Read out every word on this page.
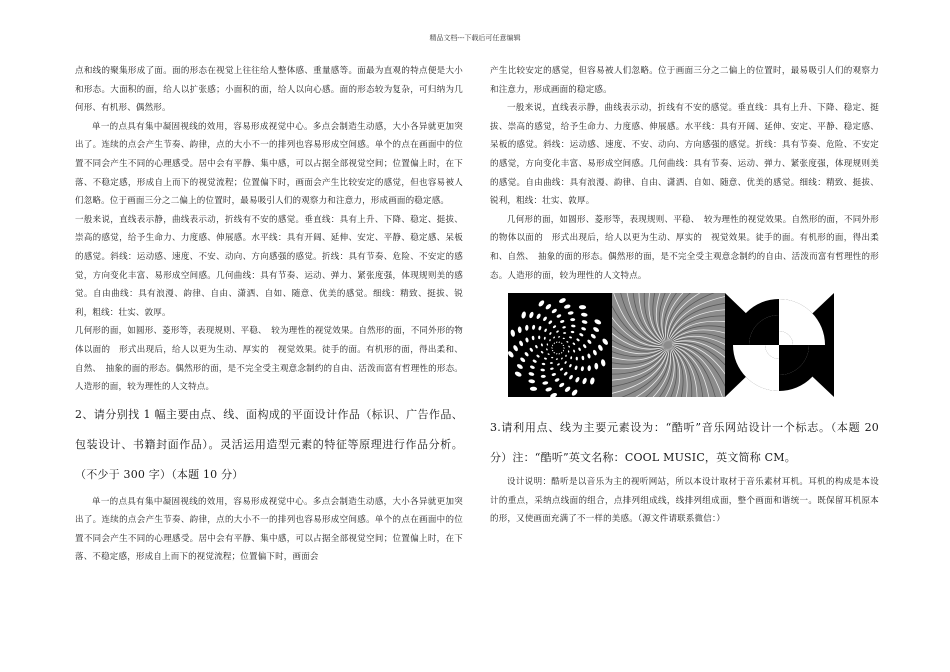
精品文档---下载后可任意编辑

点和线的聚集形成了面。面的形态在视觉上往往给人整体感、重量感等。面最为直观的特点便是大小和形态。大面积的面，给人以扩张感；小面积的面，给人以向心感。面的形态较为复杂，可归纳为几何形、有机形、偶然形。

单一的点具有集中凝固视线的效用，容易形成视觉中心。多点会制造生动感，大小各异就更加突出了。连续的点会产生节奏、韵律，点的大小不一的排列也容易形成空间感。单个的点在画面中的位置不同会产生不同的心理感受。居中会有平静、集中感，可以占据全部视觉空间；位置偏上时，在下落、不稳定感，形成自上而下的视觉流程；位置偏下时，画面会产生比较安定的感觉，但也容易被人们忽略。位于画面三分之二偏上的位置时，最易吸引人们的观察力和注意力，形成画面的稳定感。

一般来说，直线表示静，曲线表示动，折线有不安的感觉。垂直线：具有上升、下降、稳定、挺拔、崇高的感觉，给予生命力、力度感、伸展感。水平线：具有开阔、延伸、安定、平静、稳定感、呆板的感觉。斜线：运动感、速度、不安、动向、方向感强的感觉。折线：具有节奏、危险、不安定的感觉，方向变化丰富、易形成空间感。几何曲线：具有节奏、运动、弹力、紧张度强，体现规则美的感觉。自由曲线：具有浪漫、韵律、自由、潇洒、自如、随意、优美的感觉。细线：精致、挺拔、锐利，粗线：壮实、敦厚。

几何形的面，如圆形、菱形等，表现规则、平稳、　较为理性的视觉效果。自然形的面，不同外形的物体以面的　形式出现后，给人以更为生动、厚实的　视觉效果。徒手的面。有机形的面，得出柔和、自然、　抽象的面的形态。偶然形的面，是不完全受主观意念制约的自由、活泼而富有哲理性的形态。人造形的面，较为理性的人文特点。

2、请分别找 1 幅主要由点、线、面构成的平面设计作品（标识、广告作品、包装设计、书籍封面作品）。灵活运用造型元素的特征等原理进行作品分析。（不少于 300 字）（本题 10 分）

单一的点具有集中凝固视线的效用，容易形成视觉中心。多点会制造生动感，大小各异就更加突出了。连续的点会产生节奏、韵律，点的大小不一的排列也容易形成空间感。单个的点在画面中的位置不同会产生不同的心理感受。居中会有平静、集中感，可以占据全部视觉空间；位置偏上时，在下落、不稳定感，形成自上而下的视觉流程；位置偏下时，画面会

产生比较安定的感觉，但容易被人们忽略。位于画面三分之二偏上的位置时，最易吸引人们的观察力和注意力，形成画面的稳定感。

一般来说，直线表示静，曲线表示动，折线有不安的感觉。垂直线：具有上升、下降、稳定、挺拔、崇高的感觉，给予生命力、力度感、伸展感。水平线：具有开阔、延伸、安定、平静、稳定感、呆板的感觉。斜线：运动感、速度、不安、动向、方向感强的感觉。折线：具有节奏、危险、不安定的感觉，方向变化丰富、易形成空间感。几何曲线：具有节奏、运动、弹力、紧张度强，体现规则美的感觉。自由曲线：具有浪漫、韵律、自由、潇洒、自如、随意、优美的感觉。细线：精致、挺拔、锐利，粗线：壮实、敦厚。

几何形的面，如圆形、菱形等，表现规则、平稳、　较为理性的视觉效果。自然形的面，不同外形的物体以面的　形式出现后，给人以更为生动、厚实的　视觉效果。徒手的面。有机形的面，得出柔和、自然、　抽象的面的形态。偶然形的面，是不完全受主观意念制约的自由、活泼而富有哲理性的形态。人造形的面，较为理性的人文特点。

3.请利用点、线为主要元素设为：“酷听”音乐网站设计一个标志。（本题 20 分）注：“酷听”英文名称：COOL MUSIC，英文简称 CM。

设计说明：酷听是以音乐为主的视听网站，所以本设计取材于音乐素材耳机。耳机的构成是本设计的重点，采纳点线面的组合，点排列组成线，线排列组成面，整个画面和谐统一。既保留耳机原本的形，又使画面充满了不一样的美感。（源文件请联系微信：）
